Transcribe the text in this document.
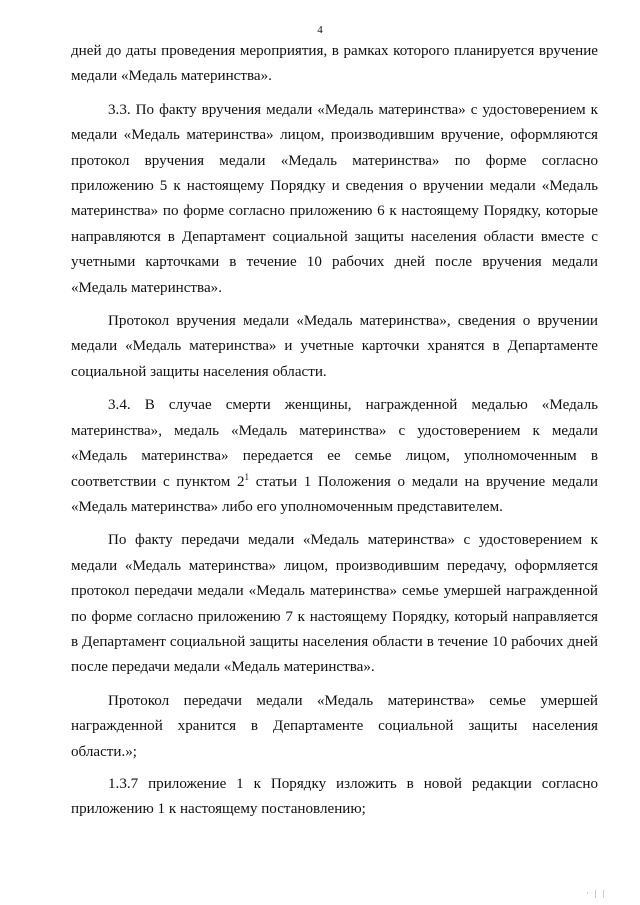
4

дней до даты проведения мероприятия, в рамках которого планируется вручение медали «Медаль материнства».

3.3. По факту вручения медали «Медаль материнства» с удостоверением к медали «Медаль материнства» лицом, производившим вручение, оформляются протокол вручения медали «Медаль материнства» по форме согласно приложению 5 к настоящему Порядку и сведения о вручении медали «Медаль материнства» по форме согласно приложению 6 к настоящему Порядку, которые направляются в Департамент социальной защиты населения области вместе с учетными карточками в течение 10 рабочих дней после вручения медали «Медаль материнства».

Протокол вручения медали «Медаль материнства», сведения о вручении медали «Медаль материнства» и учетные карточки хранятся в Департаменте социальной защиты населения области.

3.4. В случае смерти женщины, награжденной медалью «Медаль материнства», медаль «Медаль материнства» с удостоверением к медали «Медаль материнства» передается ее семье лицом, уполномоченным в соответствии с пунктом $2^1$ статьи 1 Положения о медали на вручение медали «Медаль материнства» либо его уполномоченным представителем.

По факту передачи медали «Медаль материнства» с удостоверением к медали «Медаль материнства» лицом, производившим передачу, оформляется протокол передачи медали «Медаль материнства» семье умершей награжденной по форме согласно приложению 7 к настоящему Порядку, который направляется в Департамент социальной защиты населения области в течение 10 рабочих дней после передачи медали «Медаль материнства».

Протокол передачи медали «Медаль материнства» семье умершей награжденной хранится в Департаменте социальной защиты населения области.»;

1.3.7 приложение 1 к Порядку изложить в новой редакции согласно приложению 1 к настоящему постановлению;

· | |
